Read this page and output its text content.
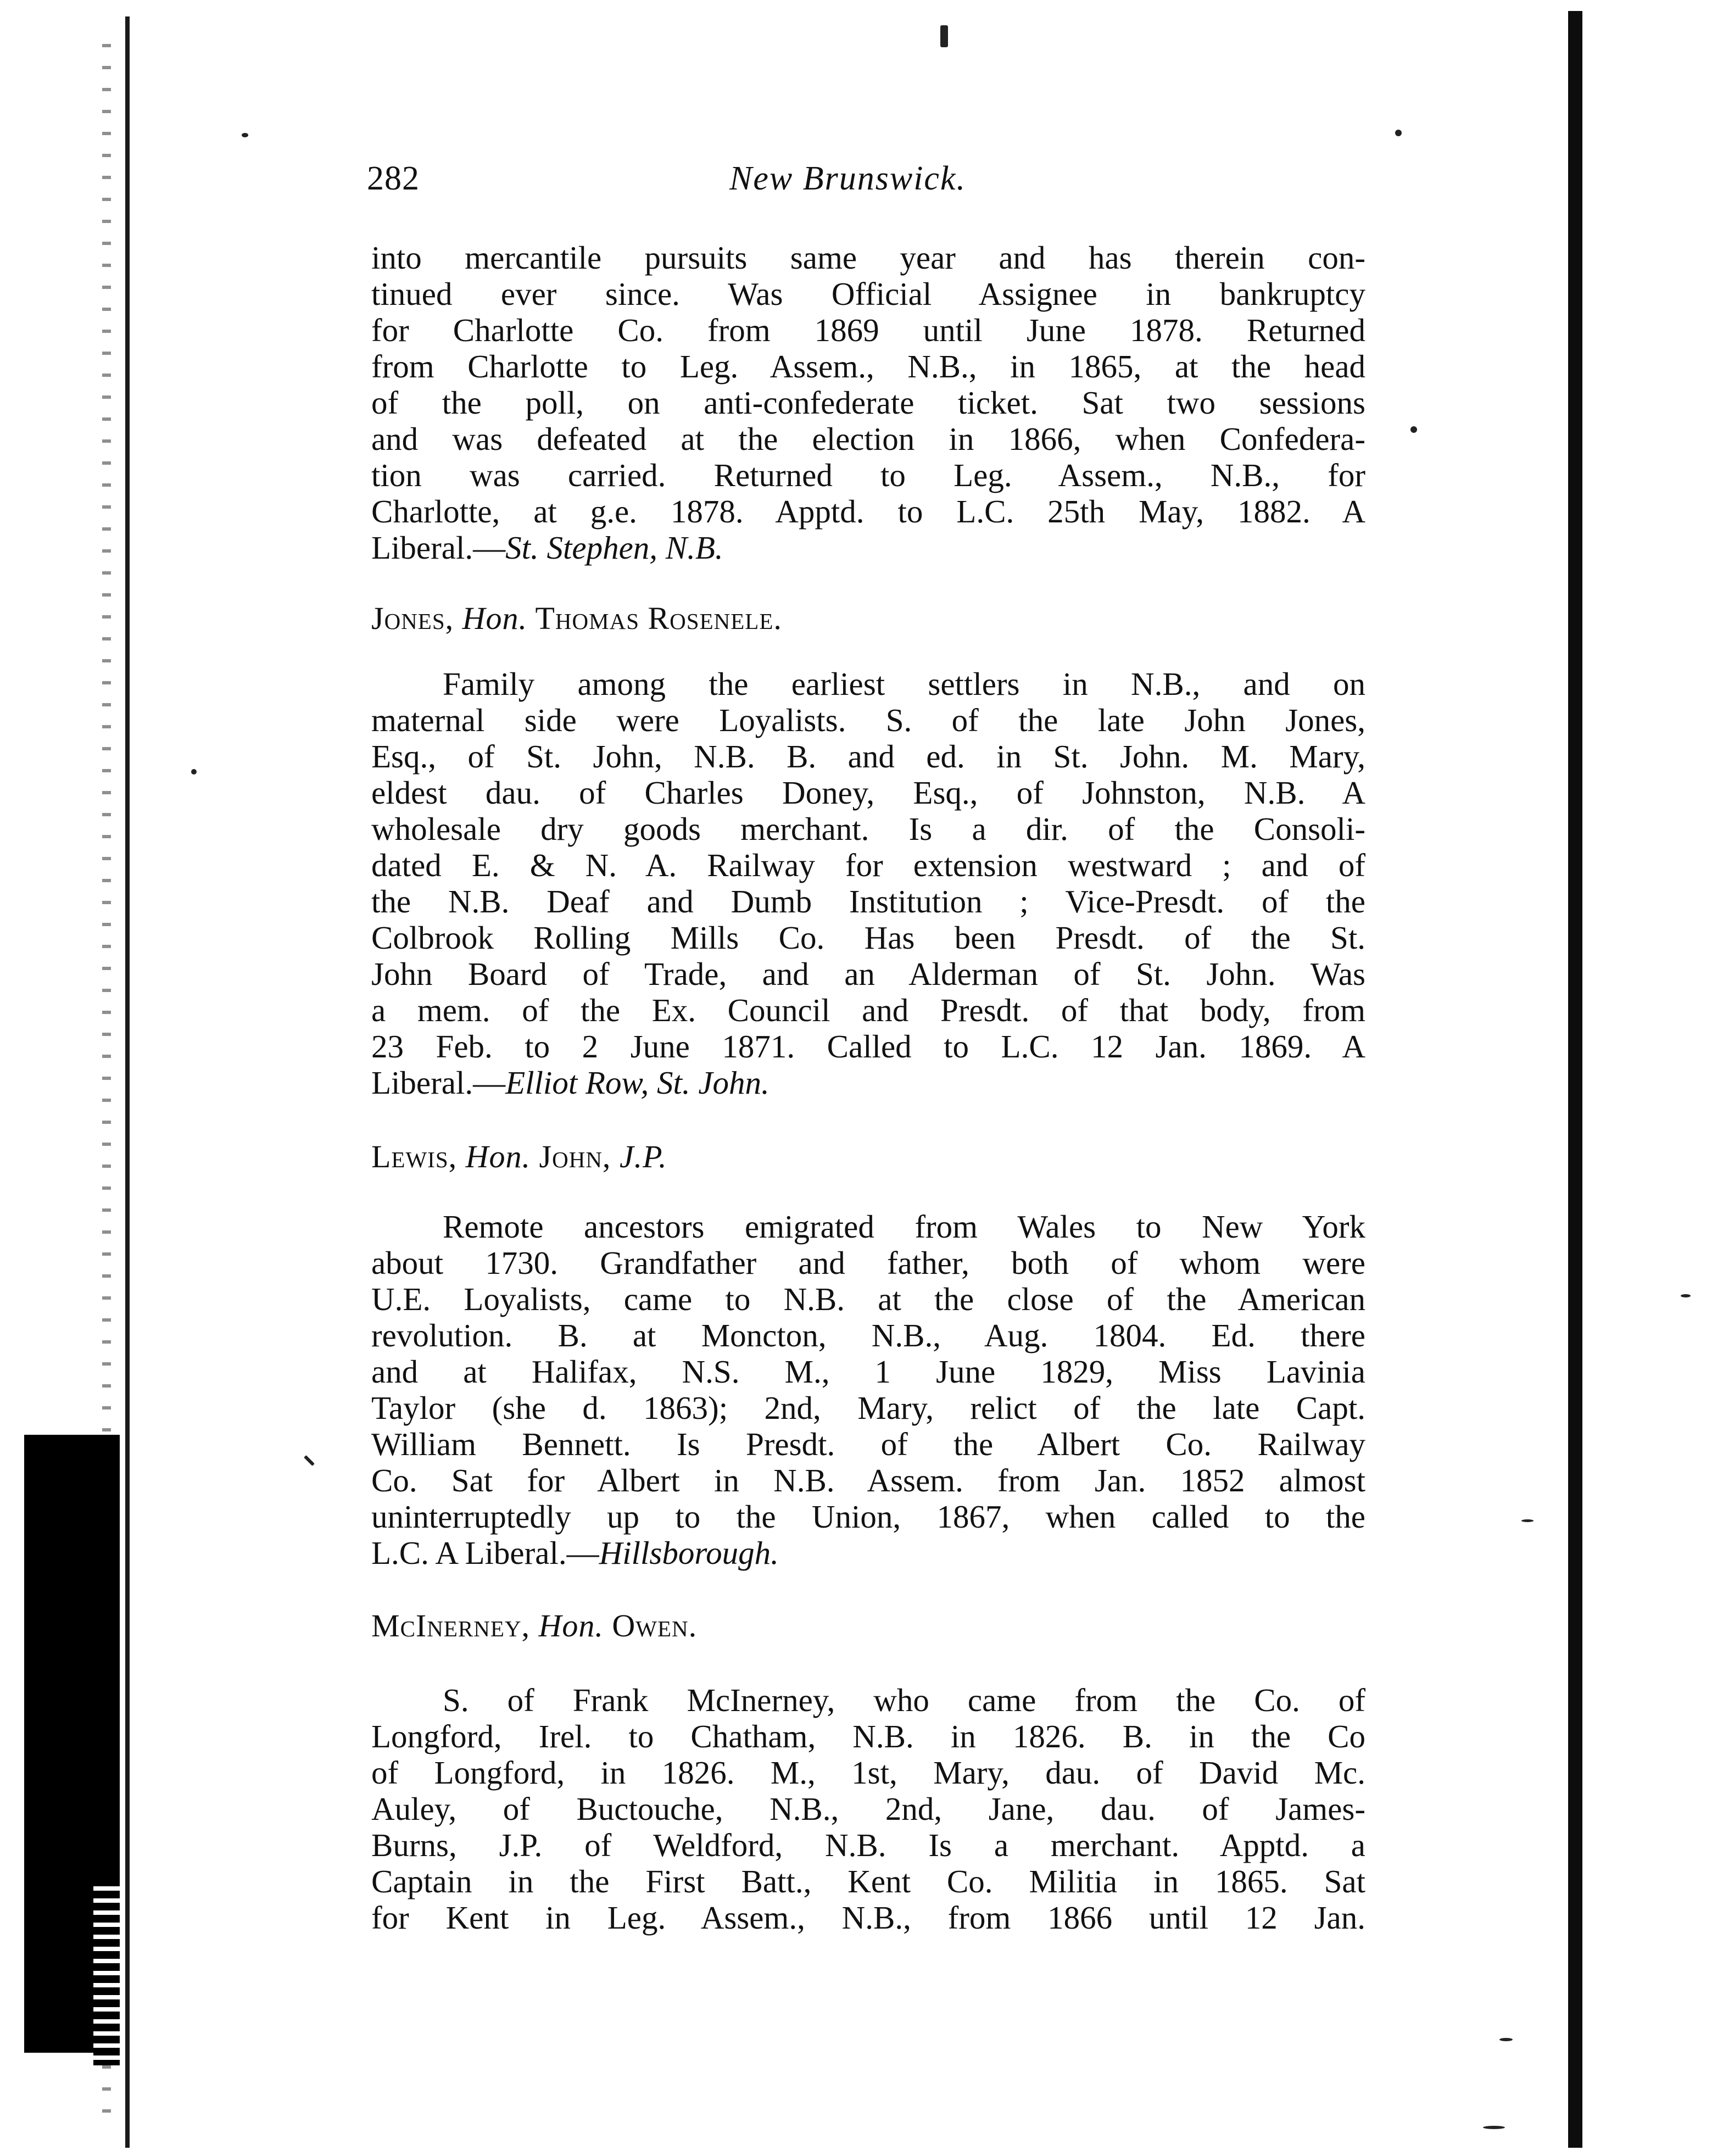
282	New Brunswick.
into mercantile pursuits same year and has therein con-
tinued ever since. Was Official Assignee in bankruptcy
for Charlotte Co. from 1869 until June 1878. Returned
from Charlotte to Leg. Assem., N.B., in 1865, at the head
of the poll, on anti-confederate ticket. Sat two sessions
and was defeated at the election in 1866, when Confedera-
tion was carried. Returned to Leg. Assem., N.B., for
Charlotte, at g.e. 1878. Apptd. to L.C. 25th May, 1882. A
Liberal.—St. Stephen, N.B.
Jones, Hon. Thomas Rosenele.
Family among the earliest settlers in N.B., and on
maternal side were Loyalists. S. of the late John Jones,
Esq., of St. John, N.B. B. and ed. in St. John. M. Mary,
eldest dau. of Charles Doney, Esq., of Johnston, N.B. A
wholesale dry goods merchant. Is a dir. of the Consoli-
dated E. & N. A. Railway for extension westward ; and of
the N.B. Deaf and Dumb Institution ; Vice-Presdt. of the
Colbrook Rolling Mills Co. Has been Presdt. of the St.
John Board of Trade, and an Alderman of St. John. Was
a mem. of the Ex. Council and Presdt. of that body, from
23 Feb. to 2 June 1871. Called to L.C. 12 Jan. 1869. A
Liberal.—Elliot Row, St. John.
Lewis, Hon. John, J.P.
Remote ancestors emigrated from Wales to New York
about 1730. Grandfather and father, both of whom were
U.E. Loyalists, came to N.B. at the close of the American
revolution. B. at Moncton, N.B., Aug. 1804. Ed. there
and at Halifax, N.S. M., 1 June 1829, Miss Lavinia
Taylor (she d. 1863); 2nd, Mary, relict of the late Capt.
William Bennett. Is Presdt. of the Albert Co. Railway
Co. Sat for Albert in N.B. Assem. from Jan. 1852 almost
uninterruptedly up to the Union, 1867, when called to the
L.C. A Liberal.—Hillsborough.
McInerney, Hon. Owen.
S. of Frank McInerney, who came from the Co. of
Longford, Irel. to Chatham, N.B. in 1826. B. in the Co
of Longford, in 1826. M., 1st, Mary, dau. of David Mc.
Auley, of Buctouche, N.B., 2nd, Jane, dau. of James-
Burns, J.P. of Weldford, N.B. Is a merchant. Apptd. a
Captain in the First Batt., Kent Co. Militia in 1865. Sat
for Kent in Leg. Assem., N.B., from 1866 until 12 Jan.
